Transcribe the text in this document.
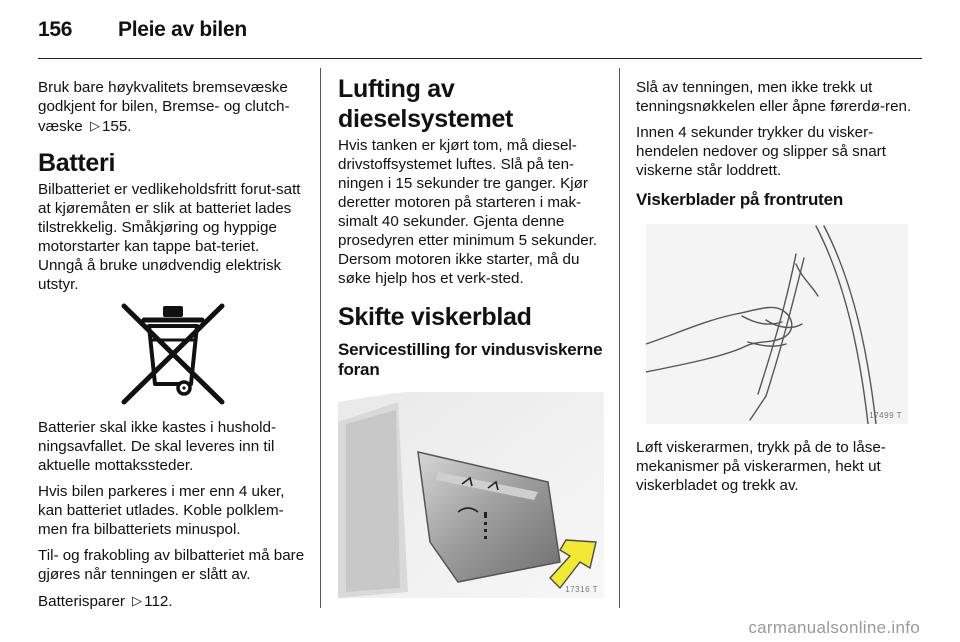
156 Pleie av bilen

Bruk bare høykvalitets bremsevæske godkjent for bilen, Bremse- og clutch-væske ▷ 155.

Batteri

Bilbatteriet er vedlikeholdsfritt forut-satt at kjøremåten er slik at batteriet lades tilstrekkelig. Småkjøring og hyppige motorstarter kan tappe bat-teriet. Unngå å bruke unødvendig elektrisk utstyr.

Batterier skal ikke kastes i hushold-ningsavfallet. De skal leveres inn til aktuelle mottakssteder.

Hvis bilen parkeres i mer enn 4 uker, kan batteriet utlades. Koble polklem-men fra bilbatteriets minuspol.

Til- og frakobling av bilbatteriet må bare gjøres når tenningen er slått av.

Batterisparer ▷ 112.

Lufting av dieselsystemet

Hvis tanken er kjørt tom, må diesel-drivstoffsystemet luftes. Slå på ten-ningen i 15 sekunder tre ganger. Kjør deretter motoren på starteren i mak-simalt 40 sekunder. Gjenta denne prosedyren etter minimum 5 sekunder. Dersom motoren ikke starter, må du søke hjelp hos et verk-sted.

Skifte viskerblad
Servicestilling for vindusviskerne foran
17316 T

Slå av tenningen, men ikke trekk ut tenningsnøkkelen eller åpne førerdø-ren.

Innen 4 sekunder trykker du visker-hendelen nedover og slipper så snart viskerne står loddrett.

Viskerblader på frontruten
17499 T

Løft viskerarmen, trykk på de to låse-mekanismer på viskerarmen, hekt ut viskerbladet og trekk av.

carmanualsonline.info
